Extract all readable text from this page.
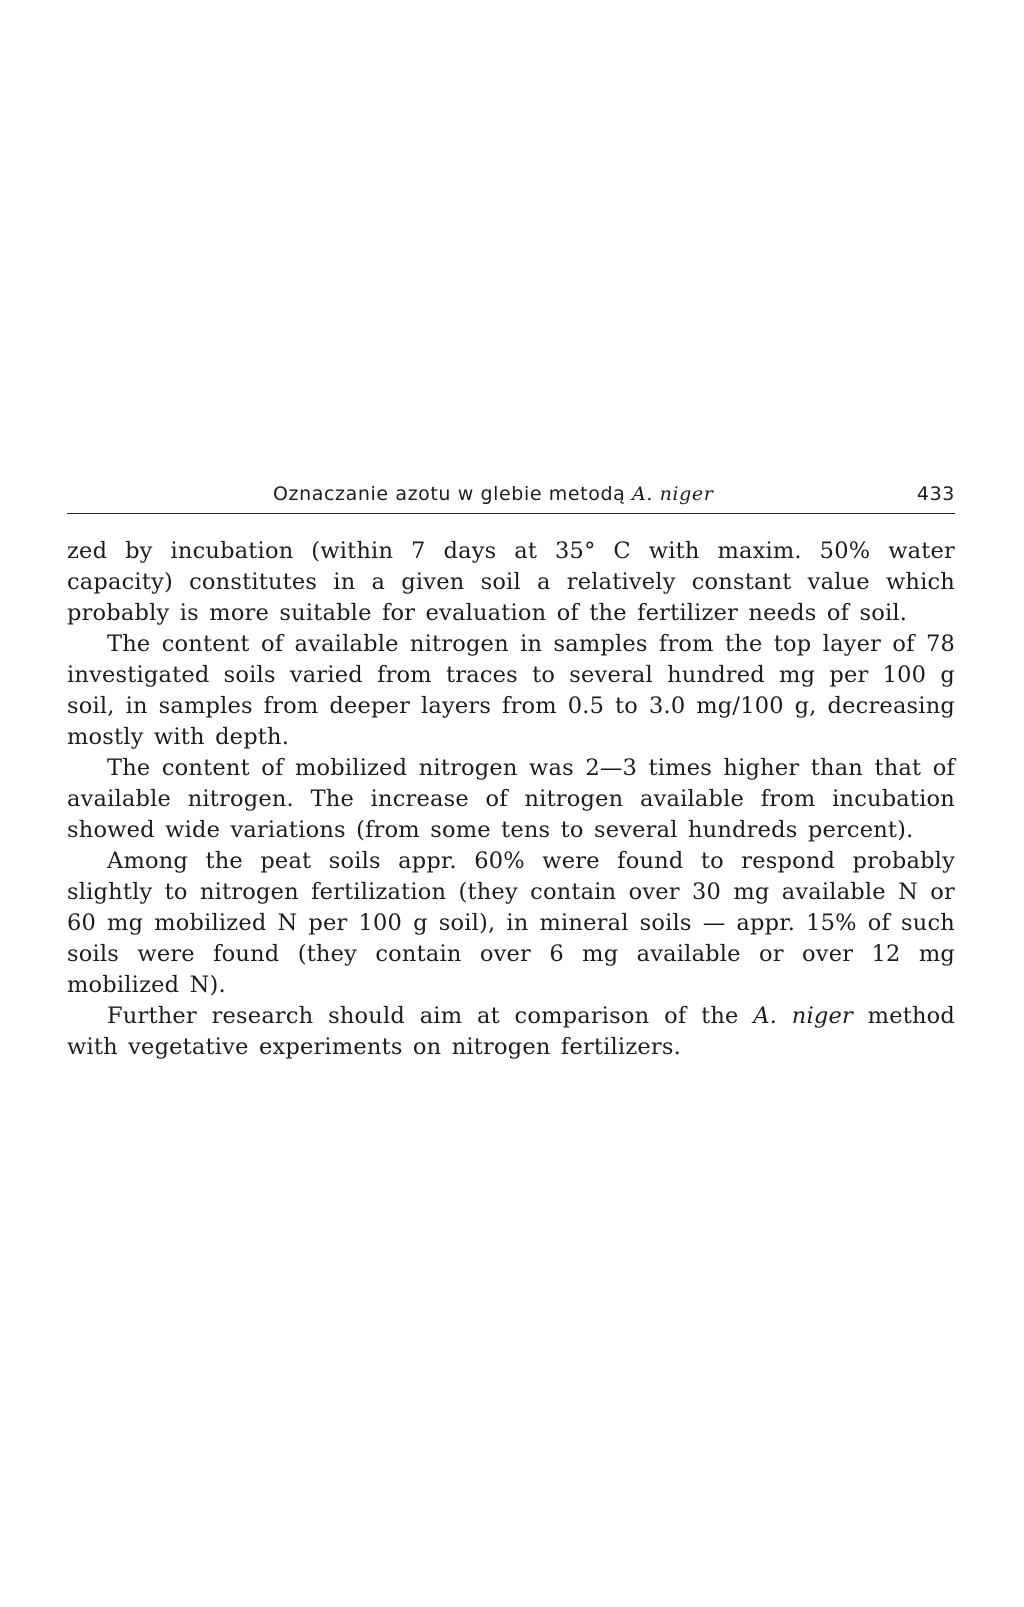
Oznaczanie azotu w glebie metodą A. niger	433

zed by incubation (within 7 days at 35° C with maxim. 50% water capacity) constitutes in a given soil a relatively constant value which probably is more suitable for evaluation of the fertilizer needs of soil.

The content of available nitrogen in samples from the top layer of 78 investigated soils varied from traces to several hundred mg per 100 g soil, in samples from deeper layers from 0.5 to 3.0 mg/100 g, decreasing mostly with depth.

The content of mobilized nitrogen was 2—3 times higher than that of available nitrogen. The increase of nitrogen available from incubation showed wide variations (from some tens to several hundreds percent).

Among the peat soils appr. 60% were found to respond probably slightly to nitrogen fertilization (they contain over 30 mg available N or 60 mg mobilized N per 100 g soil), in mineral soils — appr. 15% of such soils were found (they contain over 6 mg available or over 12 mg mobilized N).

Further research should aim at comparison of the A. niger method with vegetative experiments on nitrogen fertilizers.
